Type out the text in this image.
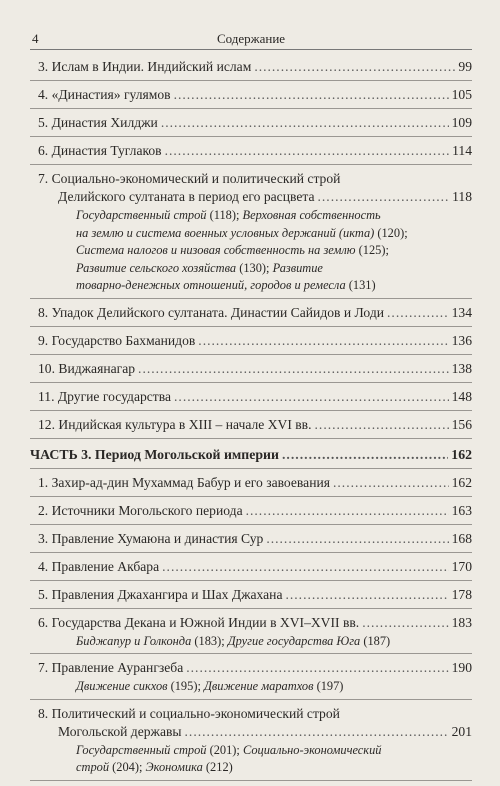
4	Содержание
3. Ислам в Индии. Индийский ислам .....	99
4. «Династия» гулямов .....	105
5. Династия Хилджи .....	109
6. Династия Туглаков .....	114
7. Социально-экономический и политический строй
Делийского султаната в период его расцвета .....	118
Государственный строй (118); Верховная собственность
на землю и система военных условных держаний (икта) (120);
Система налогов и низовая собственность на землю (125);
Развитие сельского хозяйства (130); Развитие
товарно-денежных отношений, городов и ремесла (131)
8. Упадок Делийского султаната. Династии Сайидов и Лоди .....	134
9. Государство Бахманидов .....	136
10. Виджаянагар .....	138
11. Другие государства .....	148
12. Индийская культура в XIII – начале XVI вв. .....	156
ЧАСТЬ 3. Период Могольской империи .....	162
1. Захир-ад-дин Мухаммад Бабур и его завоевания .....	162
2. Источники Могольского периода .....	163
3. Правление Хумаюна и династия Сур .....	168
4. Правление Акбара .....	170
5. Правления Джахангира и Шах Джахана .....	178
6. Государства Декана и Южной Индии в XVI–XVII вв. .....	183
Биджапур и Голконда (183); Другие государства Юга (187)
7. Правление Аурангзеба .....	190
Движение сикхов (195); Движение маратхов (197)
8. Политический и социально-экономический строй
Могольской державы .....	201
Государственный строй (201); Социально-экономический
строй (204); Экономика (212)
